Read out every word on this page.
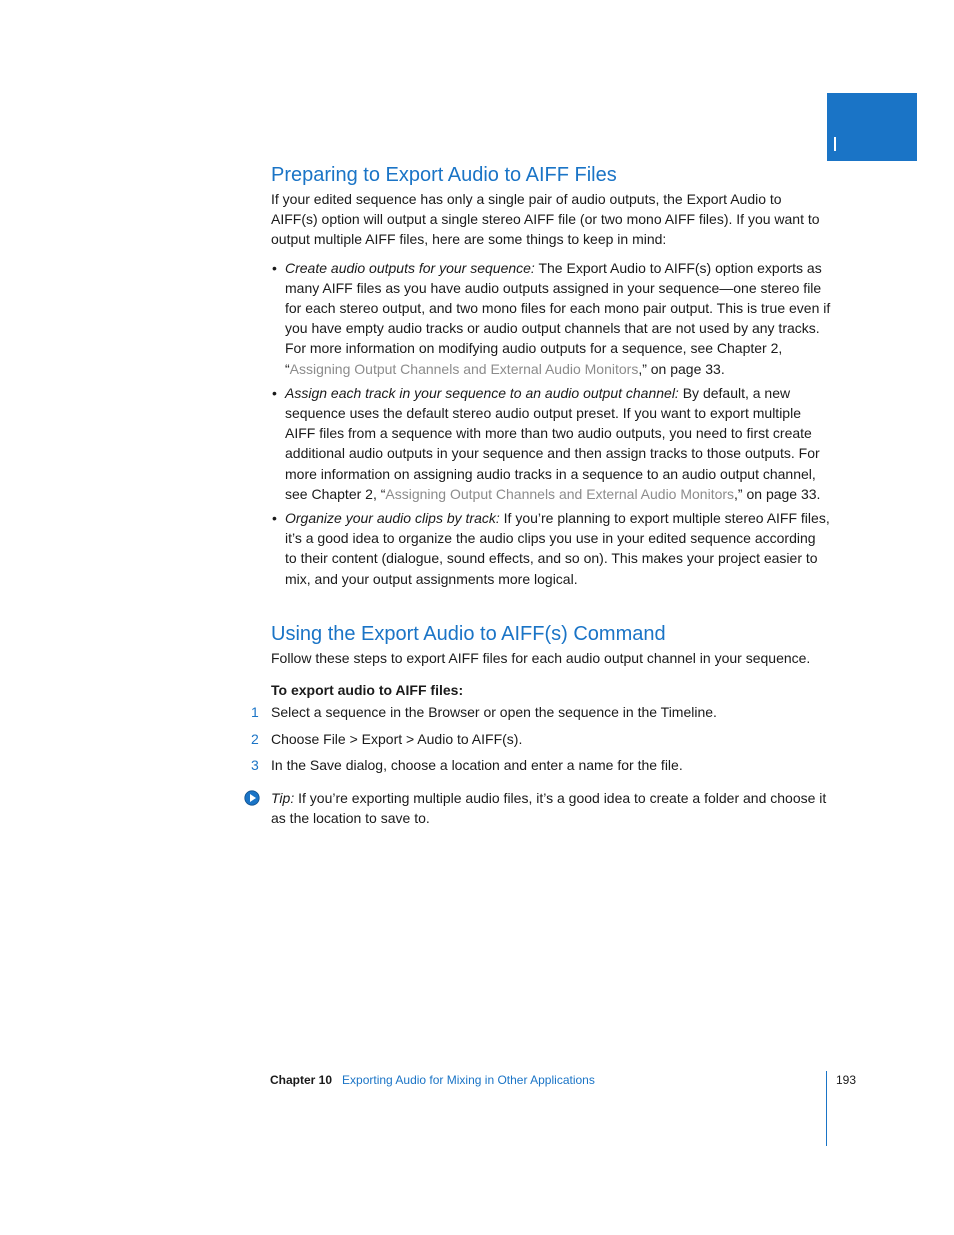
Preparing to Export Audio to AIFF Files

If your edited sequence has only a single pair of audio outputs, the Export Audio to AIFF(s) option will output a single stereo AIFF file (or two mono AIFF files). If you want to output multiple AIFF files, here are some things to keep in mind:

• Create audio outputs for your sequence: The Export Audio to AIFF(s) option exports as many AIFF files as you have audio outputs assigned in your sequence—one stereo file for each stereo output, and two mono files for each mono pair output. This is true even if you have empty audio tracks or audio output channels that are not used by any tracks. For more information on modifying audio outputs for a sequence, see Chapter 2, “Assigning Output Channels and External Audio Monitors,” on page 33.
• Assign each track in your sequence to an audio output channel: By default, a new sequence uses the default stereo audio output preset. If you want to export multiple AIFF files from a sequence with more than two audio outputs, you need to first create additional audio outputs in your sequence and then assign tracks to those outputs. For more information on assigning audio tracks in a sequence to an audio output channel, see Chapter 2, “Assigning Output Channels and External Audio Monitors,” on page 33.
• Organize your audio clips by track: If you’re planning to export multiple stereo AIFF files, it’s a good idea to organize the audio clips you use in your edited sequence according to their content (dialogue, sound effects, and so on). This makes your project easier to mix, and your output assignments more logical.
Using the Export Audio to AIFF(s) Command

Follow these steps to export AIFF files for each audio output channel in your sequence.

To export audio to AIFF files:

1 Select a sequence in the Browser or open the sequence in the Timeline.
2 Choose File > Export > Audio to AIFF(s).
3 In the Save dialog, choose a location and enter a name for the file.

Tip: If you’re exporting multiple audio files, it’s a good idea to create a folder and choose it as the location to save to.

Chapter 10 Exporting Audio for Mixing in Other Applications	193
